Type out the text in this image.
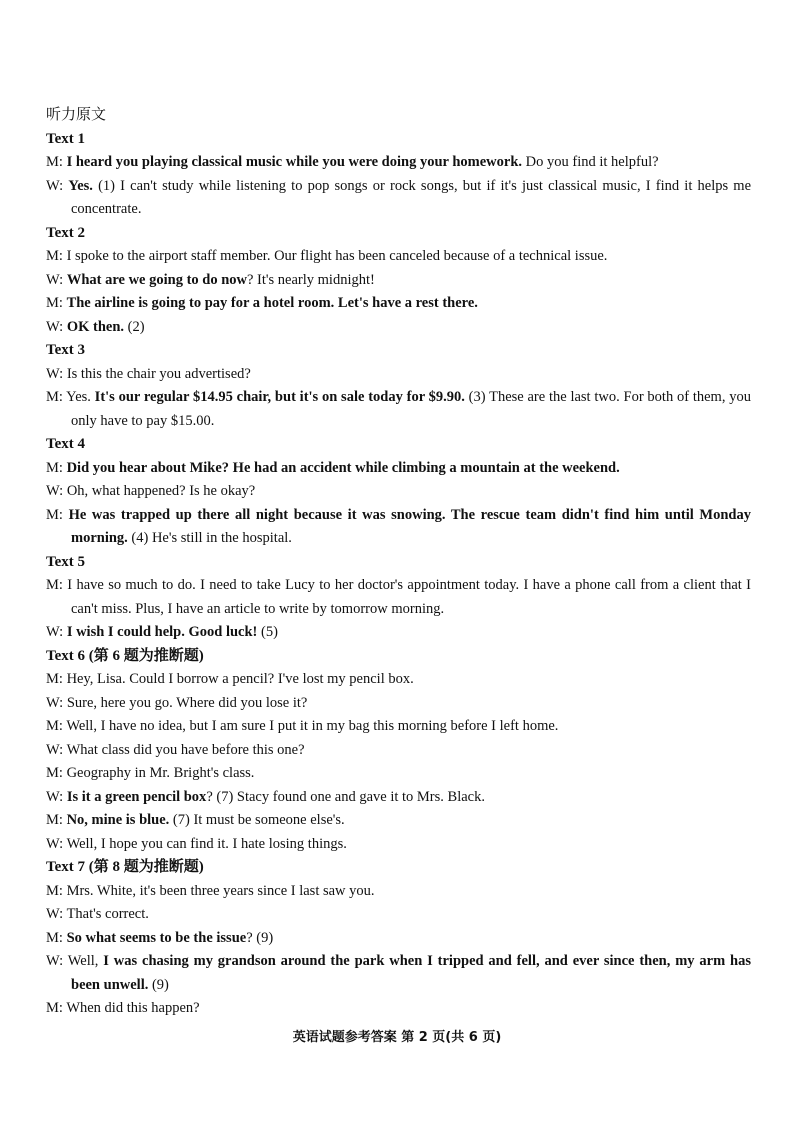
听力原文
Text 1
M: I heard you playing classical music while you were doing your homework. Do you find it helpful?
W: Yes. (1) I can't study while listening to pop songs or rock songs, but if it's just classical music, I find it helps me concentrate.
Text 2
M: I spoke to the airport staff member. Our flight has been canceled because of a technical issue.
W: What are we going to do now? It's nearly midnight!
M: The airline is going to pay for a hotel room. Let's have a rest there.
W: OK then. (2)
Text 3
W: Is this the chair you advertised?
M: Yes. It's our regular $14.95 chair, but it's on sale today for $9.90. (3) These are the last two. For both of them, you only have to pay $15.00.
Text 4
M: Did you hear about Mike? He had an accident while climbing a mountain at the weekend.
W: Oh, what happened? Is he okay?
M: He was trapped up there all night because it was snowing. The rescue team didn't find him until Monday morning. (4) He's still in the hospital.
Text 5
M: I have so much to do. I need to take Lucy to her doctor's appointment today. I have a phone call from a client that I can't miss. Plus, I have an article to write by tomorrow morning.
W: I wish I could help. Good luck! (5)
Text 6 (第 6 题为推断题)
M: Hey, Lisa. Could I borrow a pencil? I've lost my pencil box.
W: Sure, here you go. Where did you lose it?
M: Well, I have no idea, but I am sure I put it in my bag this morning before I left home.
W: What class did you have before this one?
M: Geography in Mr. Bright's class.
W: Is it a green pencil box? (7) Stacy found one and gave it to Mrs. Black.
M: No, mine is blue. (7) It must be someone else's.
W: Well, I hope you can find it. I hate losing things.
Text 7 (第 8 题为推断题)
M: Mrs. White, it's been three years since I last saw you.
W: That's correct.
M: So what seems to be the issue? (9)
W: Well, I was chasing my grandson around the park when I tripped and fell, and ever since then, my arm has been unwell. (9)
M: When did this happen?
英语试题参考答案 第 2 页(共 6 页)
